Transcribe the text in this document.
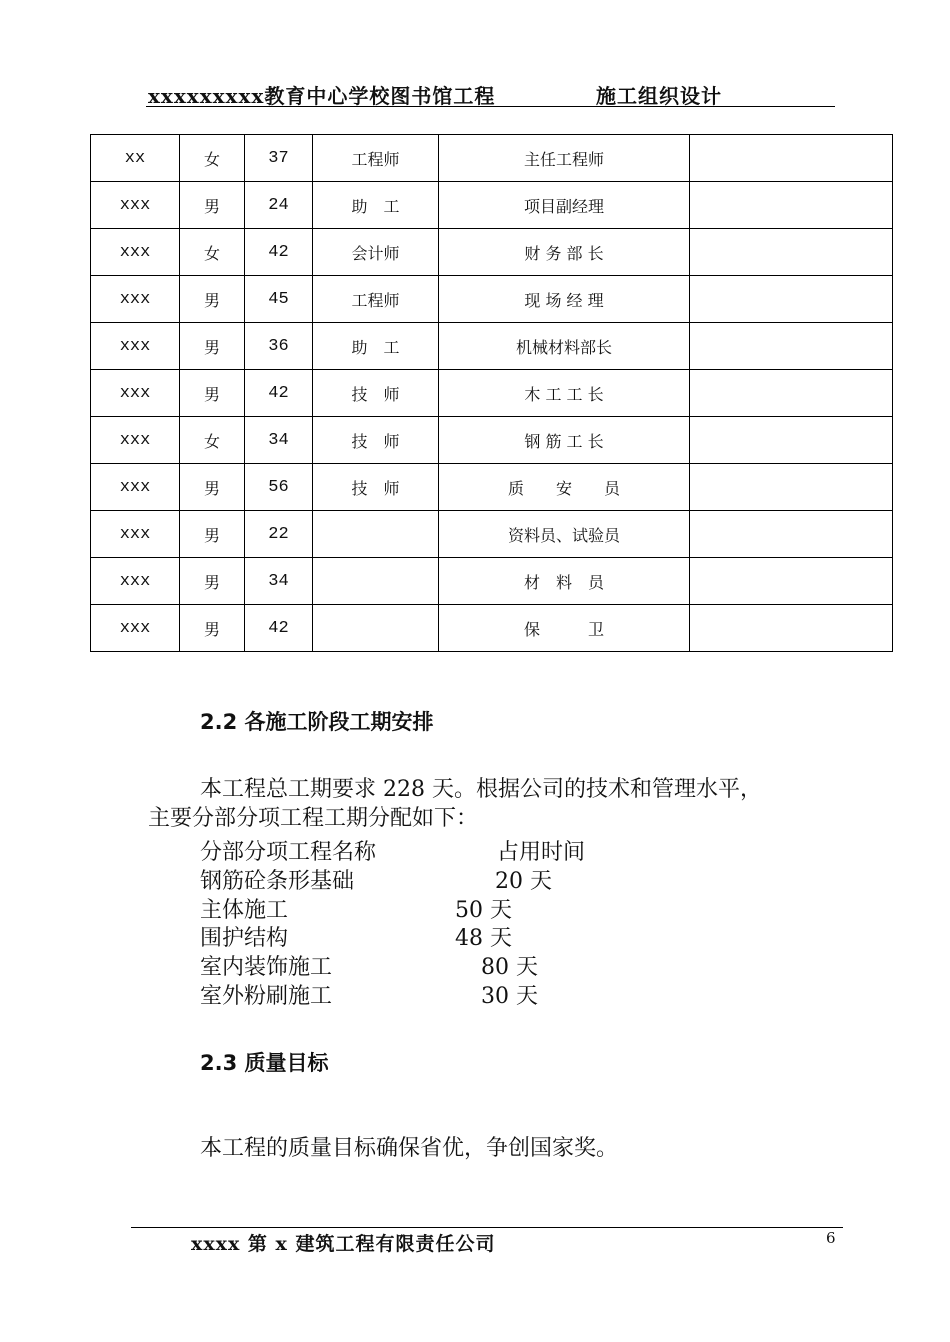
xxxxxxxxx教育中心学校图书馆工程	施工组织设计
xx	女	37	工程师	主任工程师	
xxx	男	24	助　工	项目副经理	
xxx	女	42	会计师	财 务 部 长	
xxx	男	45	工程师	现 场 经 理	
xxx	男	36	助　工	机械材料部长	
xxx	男	42	技　师	木 工 工 长	
xxx	女	34	技　师	钢 筋 工 长	
xxx	男	56	技　师	质　　安　　员	
xxx	男	22		资料员、试验员	
xxx	男	34		材　料　员	
xxx	男	42		保　　　卫	
2.2 各施工阶段工期安排
本工程总工期要求 228 天。根据公司的技术和管理水平，
主要分部分项工程工期分配如下：
分部分项工程名称	占用时间
钢筋砼条形基础	20 天
主体施工	50 天
围护结构	48 天
室内装饰施工	80 天
室外粉刷施工	30 天
2.3 质量目标
本工程的质量目标确保省优，争创国家奖。
xxxx 第 x 建筑工程有限责任公司	6
